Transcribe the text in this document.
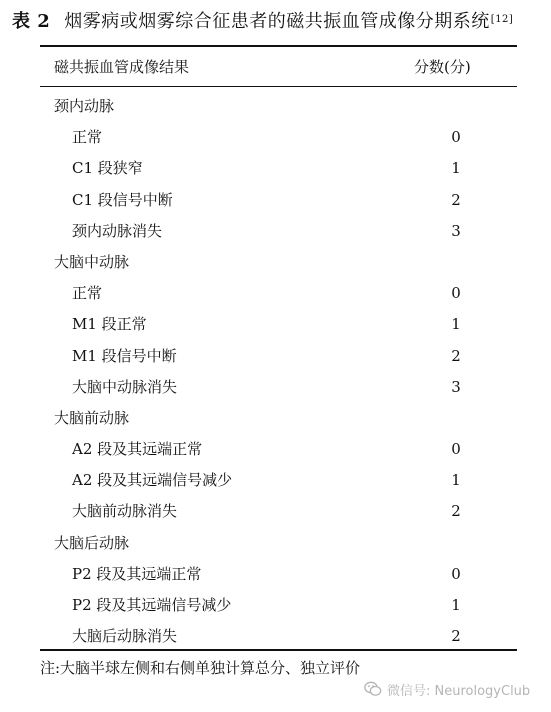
表 2 烟雾病或烟雾综合征患者的磁共振血管成像分期系统[12]
磁共振血管成像结果	分数(分)
颈内动脉
正常	0
C1 段狭窄	1
C1 段信号中断	2
颈内动脉消失	3
大脑中动脉
正常	0
M1 段正常	1
M1 段信号中断	2
大脑中动脉消失	3
大脑前动脉
A2 段及其远端正常	0
A2 段及其远端信号减少	1
大脑前动脉消失	2
大脑后动脉
P2 段及其远端正常	0
P2 段及其远端信号减少	1
大脑后动脉消失	2
注:大脑半球左侧和右侧单独计算总分、独立评价
微信号: NeurologyClub
